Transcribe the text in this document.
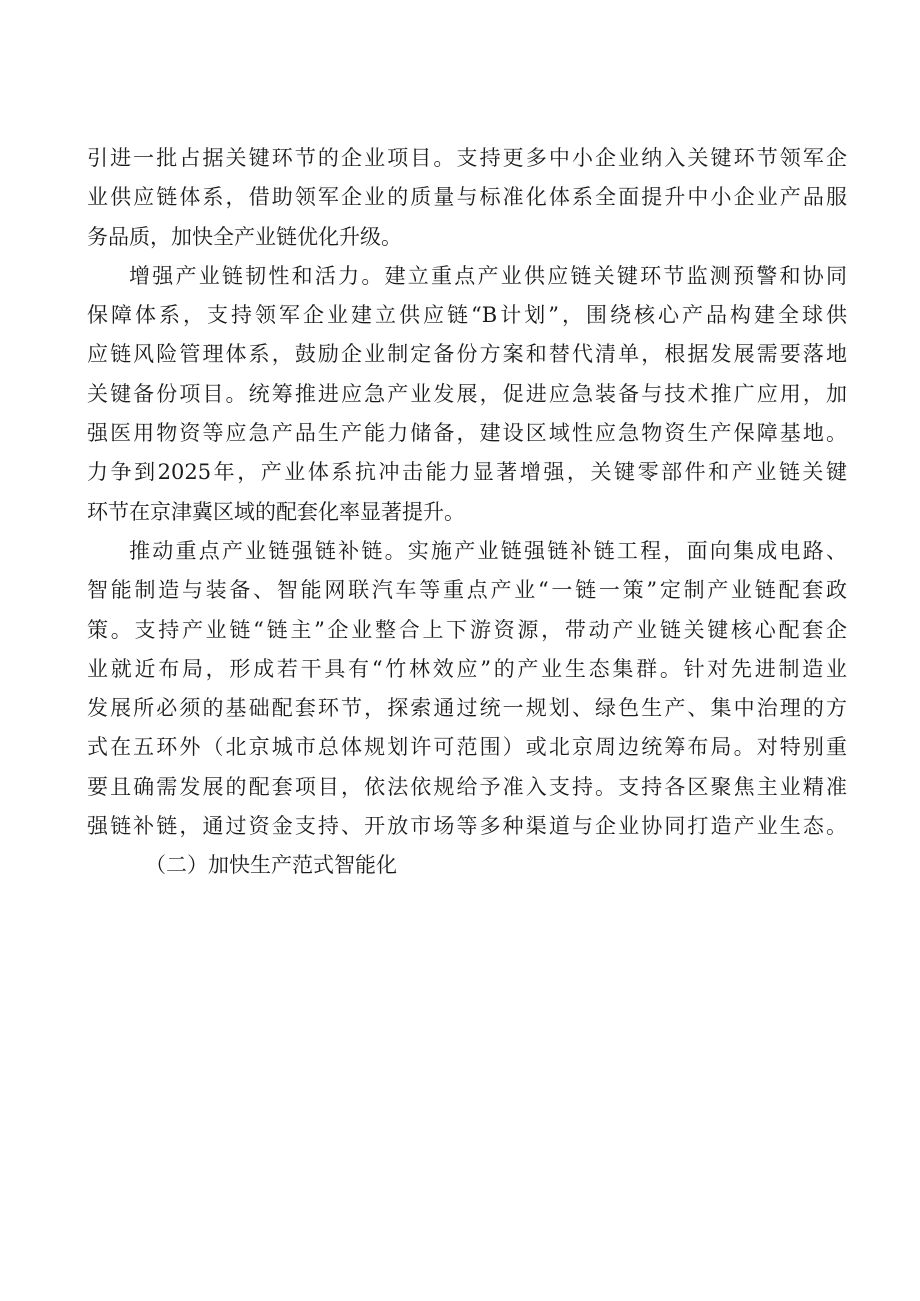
引进一批占据关键环节的企业项目。支持更多中小企业纳入关键环节领军企
业供应链体系，借助领军企业的质量与标准化体系全面提升中小企业产品服
务品质，加快全产业链优化升级。
增强产业链韧性和活力。建立重点产业供应链关键环节监测预警和协同
保障体系，支持领军企业建立供应链“B计划”，围绕核心产品构建全球供
应链风险管理体系，鼓励企业制定备份方案和替代清单，根据发展需要落地
关键备份项目。统筹推进应急产业发展，促进应急装备与技术推广应用，加
强医用物资等应急产品生产能力储备，建设区域性应急物资生产保障基地。
力争到2025年，产业体系抗冲击能力显著增强，关键零部件和产业链关键
环节在京津冀区域的配套化率显著提升。
推动重点产业链强链补链。实施产业链强链补链工程，面向集成电路、
智能制造与装备、智能网联汽车等重点产业“一链一策”定制产业链配套政
策。支持产业链“链主”企业整合上下游资源，带动产业链关键核心配套企
业就近布局，形成若干具有“竹林效应”的产业生态集群。针对先进制造业
发展所必须的基础配套环节，探索通过统一规划、绿色生产、集中治理的方
式在五环外（北京城市总体规划许可范围）或北京周边统筹布局。对特别重
要且确需发展的配套项目，依法依规给予准入支持。支持各区聚焦主业精准
强链补链，通过资金支持、开放市场等多种渠道与企业协同打造产业生态。
（二）加快生产范式智能化
